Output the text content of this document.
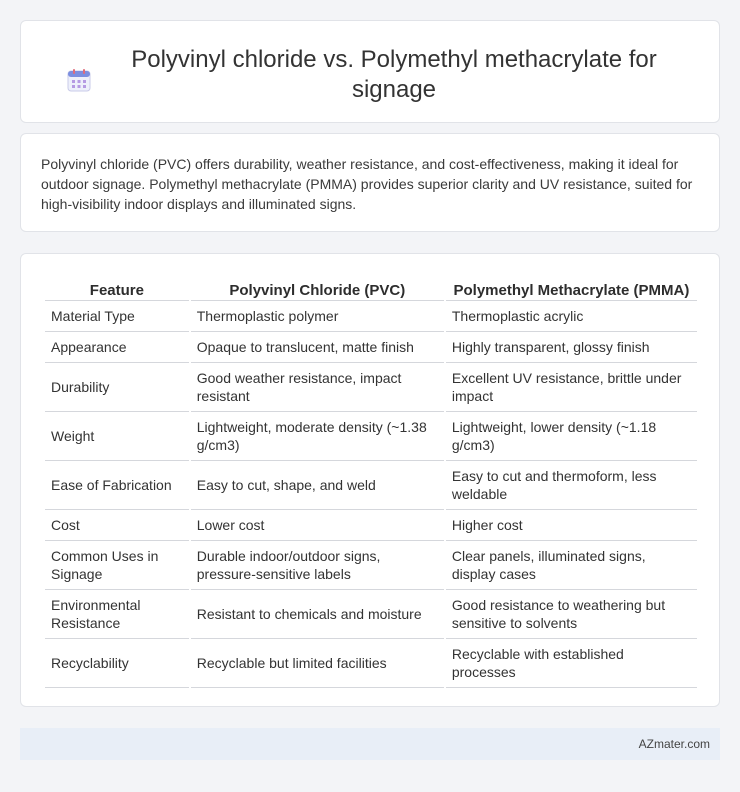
Polyvinyl chloride vs. Polymethyl methacrylate for signage

Polyvinyl chloride (PVC) offers durability, weather resistance, and cost-effectiveness, making it ideal for outdoor signage. Polymethyl methacrylate (PMMA) provides superior clarity and UV resistance, suited for high-visibility indoor displays and illuminated signs.

Feature	Polyvinyl Chloride (PVC)	Polymethyl Methacrylate (PMMA)
Material Type	Thermoplastic polymer	Thermoplastic acrylic
Appearance	Opaque to translucent, matte finish	Highly transparent, glossy finish
Durability	Good weather resistance, impact resistant	Excellent UV resistance, brittle under impact
Weight	Lightweight, moderate density (~1.38 g/cm3)	Lightweight, lower density (~1.18 g/cm3)
Ease of Fabrication	Easy to cut, shape, and weld	Easy to cut and thermoform, less weldable
Cost	Lower cost	Higher cost
Common Uses in Signage	Durable indoor/outdoor signs, pressure-sensitive labels	Clear panels, illuminated signs, display cases
Environmental Resistance	Resistant to chemicals and moisture	Good resistance to weathering but sensitive to solvents
Recyclability	Recyclable but limited facilities	Recyclable with established processes
AZmater.com
